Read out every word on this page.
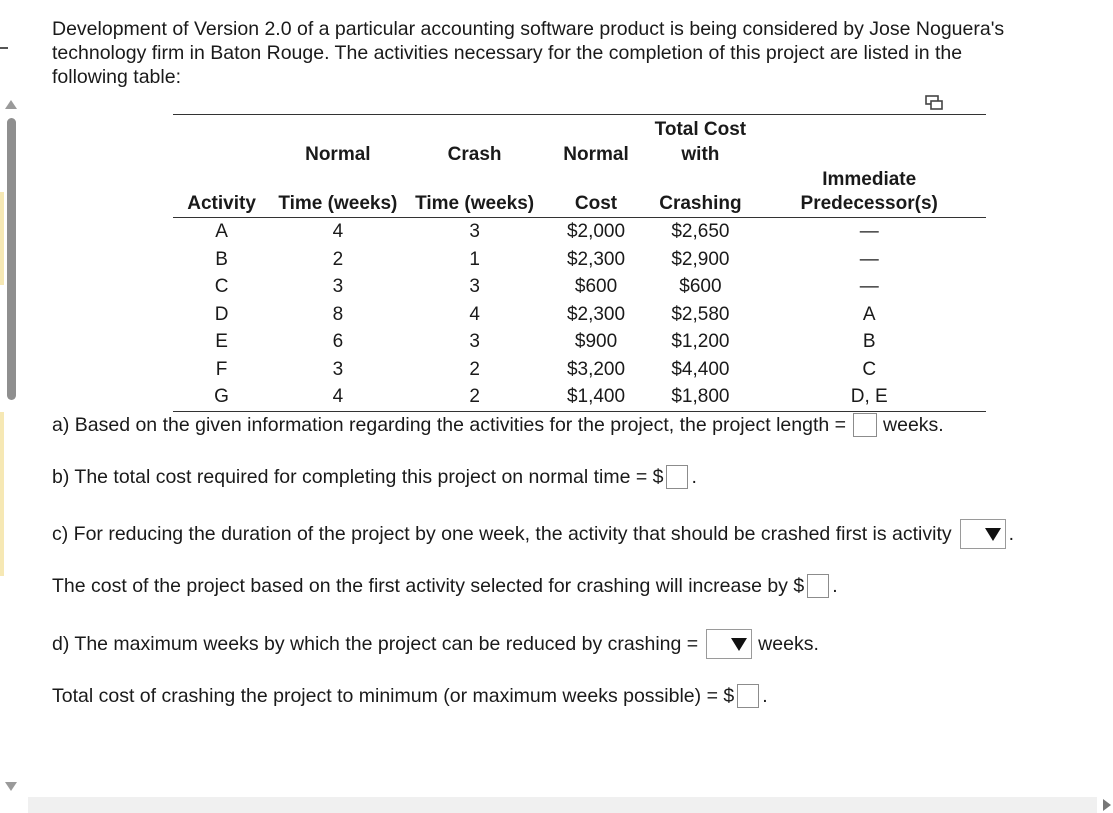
Development of Version 2.0 of a particular accounting software product is being considered by Jose Noguera's technology firm in Baton Rouge. The activities necessary for the completion of this project are listed in the following table:
				Total Cost	
	Normal	Crash	Normal	with	
Activity	Time (weeks)	Time (weeks)	Cost	Crashing	Immediate Predecessor(s)
A	4	3	$2,000	$2,650	—
B	2	1	$2,300	$2,900	—
C	3	3	$600	$600	—
D	8	4	$2,300	$2,580	A
E	6	3	$900	$1,200	B
F	3	2	$3,200	$4,400	C
G	4	2	$1,400	$1,800	D, E
a) Based on the given information regarding the activities for the project, the project length = weeks.
b) The total cost required for completing this project on normal time = $ .
c) For reducing the duration of the project by one week, the activity that should be crashed first is activity	.
The cost of the project based on the first activity selected for crashing will increase by $ .
d) The maximum weeks by which the project can be reduced by crashing =	weeks.
Total cost of crashing the project to minimum (or maximum weeks possible) = $ .
